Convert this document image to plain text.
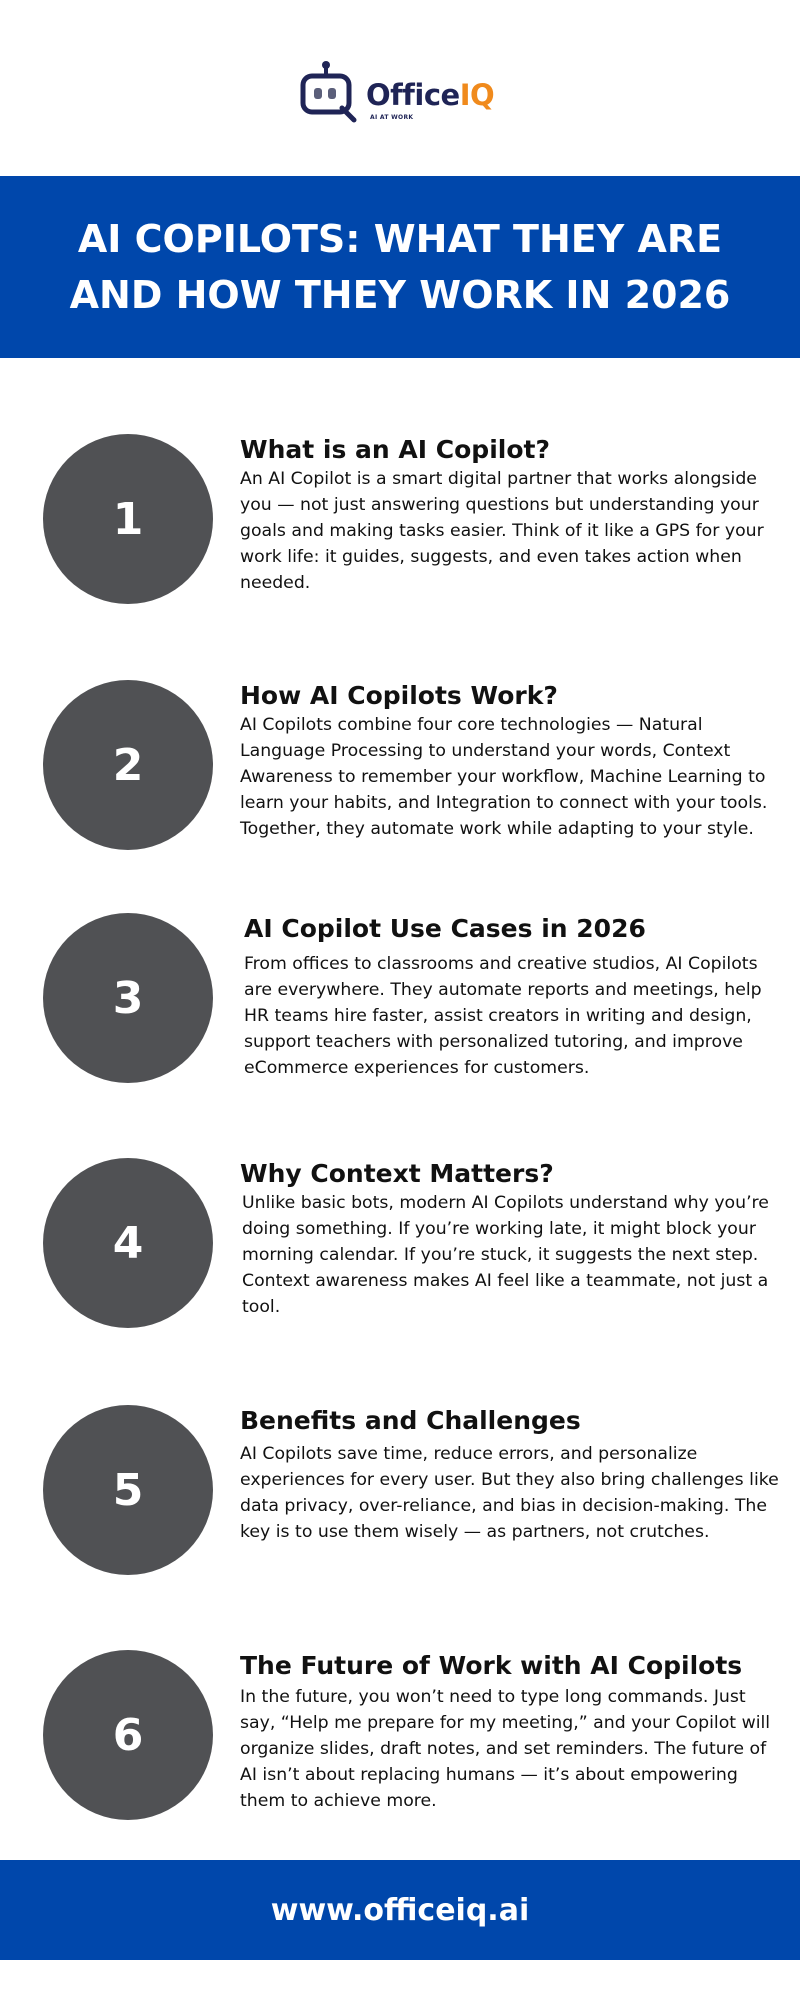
OfficeIQ
AI AT WORK
AI COPILOTS: WHAT THEY ARE AND HOW THEY WORK IN 2026
1
What is an AI Copilot?

An AI Copilot is a smart digital partner that works alongside you — not just answering questions but understanding your goals and making tasks easier. Think of it like a GPS for your work life: it guides, suggests, and even takes action when needed.

2
How AI Copilots Work?

AI Copilots combine four core technologies — Natural Language Processing to understand your words, Context Awareness to remember your workflow, Machine Learning to learn your habits, and Integration to connect with your tools. Together, they automate work while adapting to your style.

3
AI Copilot Use Cases in 2026

From offices to classrooms and creative studios, AI Copilots are everywhere. They automate reports and meetings, help HR teams hire faster, assist creators in writing and design, support teachers with personalized tutoring, and improve eCommerce experiences for customers.

4
Why Context Matters?

Unlike basic bots, modern AI Copilots understand why you’re doing something. If you’re working late, it might block your morning calendar. If you’re stuck, it suggests the next step. Context awareness makes AI feel like a teammate, not just a tool.

5
Benefits and Challenges

AI Copilots save time, reduce errors, and personalize experiences for every user. But they also bring challenges like data privacy, over-reliance, and bias in decision-making. The key is to use them wisely — as partners, not crutches.

6
The Future of Work with AI Copilots

In the future, you won’t need to type long commands. Just say, “Help me prepare for my meeting,” and your Copilot will organize slides, draft notes, and set reminders. The future of AI isn’t about replacing humans — it’s about empowering them to achieve more.

www.officeiq.ai
